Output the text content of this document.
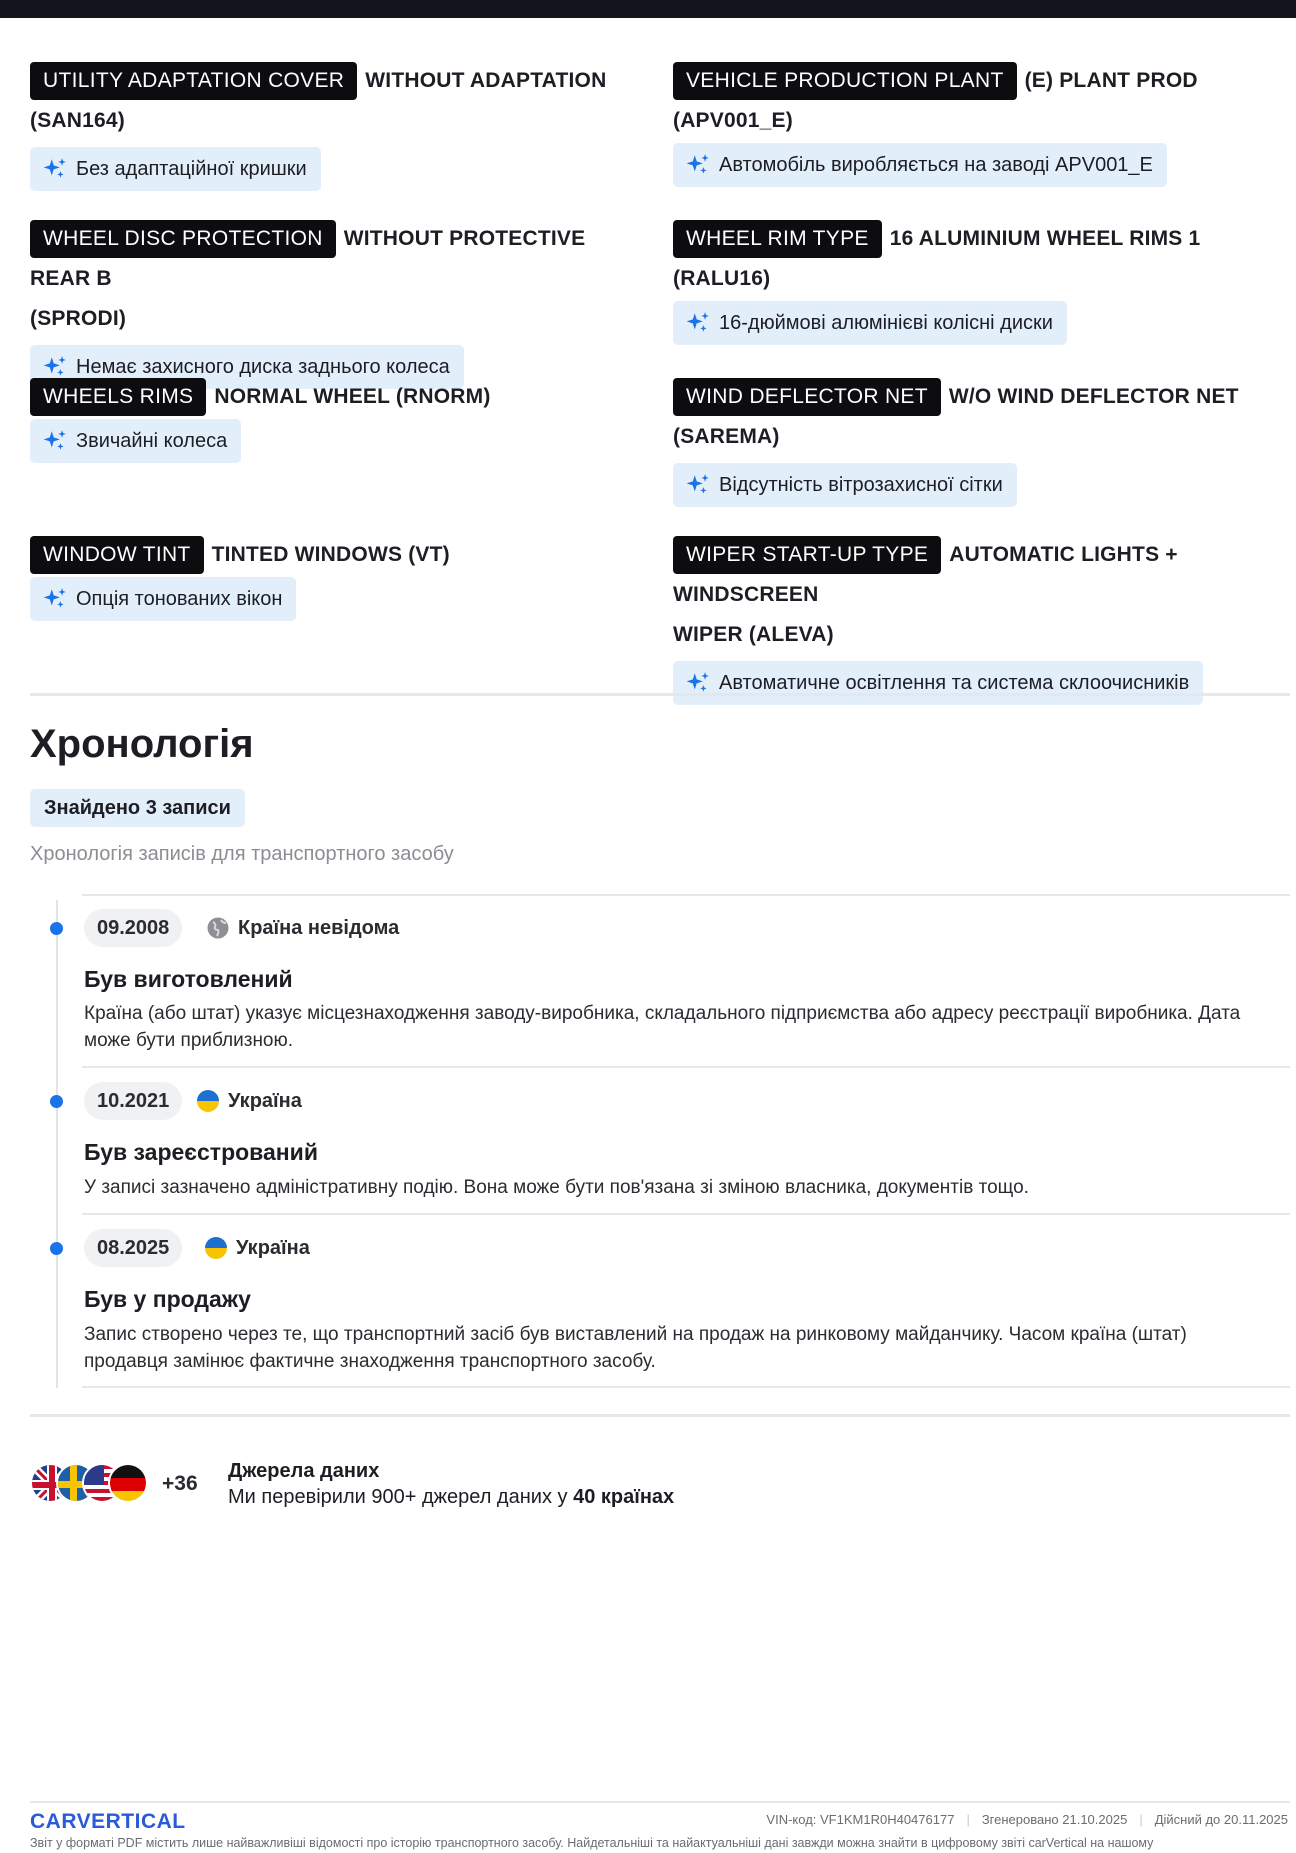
UTILITY ADAPTATION COVER WITHOUT ADAPTATION
(SAN164)
Без адаптаційної кришки
VEHICLE PRODUCTION PLANT (E) PLANT PROD (APV001_E)
Автомобіль виробляється на заводі APV001_E
WHEEL DISC PROTECTION WITHOUT PROTECTIVE REAR B
(SPRODI)
Немає захисного диска заднього колеса
WHEEL RIM TYPE 16 ALUMINIUM WHEEL RIMS 1 (RALU16)
16-дюймові алюмінієві колісні диски
WHEELS RIMS NORMAL WHEEL (RNORM)
Звичайні колеса
WIND DEFLECTOR NET W/O WIND DEFLECTOR NET
(SAREMA)
Відсутність вітрозахисної сітки
WINDOW TINT TINTED WINDOWS (VT)
Опція тонованих вікон
WIPER START-UP TYPE AUTOMATIC LIGHTS + WINDSCREEN
WIPER (ALEVA)
Автоматичне освітлення та система склоочисників
Хронологія
Знайдено 3 записи
Хронологія записів для транспортного засобу
09.2008	Країна невідома
Був виготовлений
Країна (або штат) указує місцезнаходження заводу-виробника, складального підприємства або адресу реєстрації виробника. Дата може бути приблизною.
10.2021	Україна
Був зареєстрований
У записі зазначено адміністративну подію. Вона може бути пов'язана зі зміною власника, документів тощо.
08.2025	Україна
Був у продажу
Запис створено через те, що транспортний засіб був виставлений на продаж на ринковому майданчику. Часом країна (штат) продавця замінює фактичне знаходження транспортного засобу.
+36
Джерела даних
Ми перевірили 900+ джерел даних у 40 країнах
CARVERTICAL	VIN-код: VF1KM1R0H40476177 | Згенеровано 21.10.2025 | Дійсний до 20.11.2025
Звіт у форматі PDF містить лише найважливіші відомості про історію транспортного засобу. Найдетальніші та найактуальніші дані завжди можна знайти в цифровому звіті carVertical на нашому
